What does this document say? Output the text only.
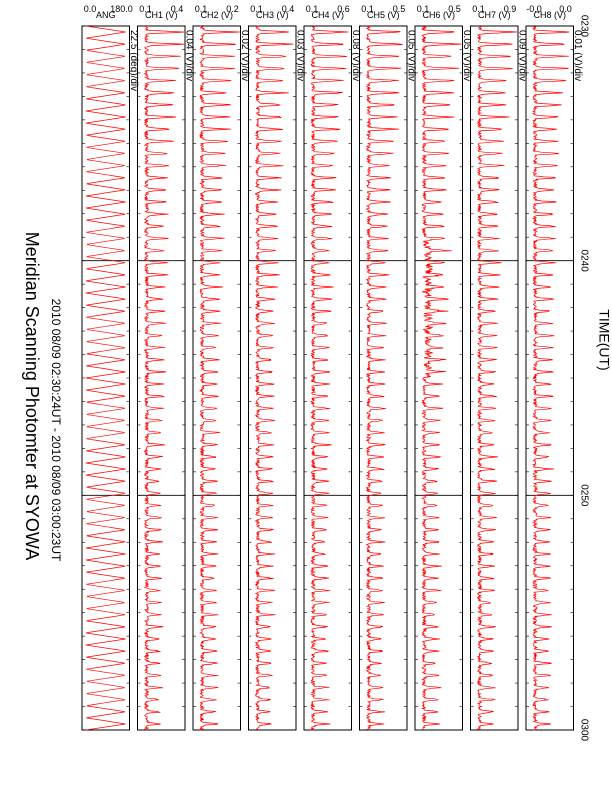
Meridian Scanning Photomter at SYOWA 2010 08/09 02:30:24UT - 2010 08/09 03:00:23UT	TIME(UT)
22.5 (deg)/div
ANG
180.0
0.0
0.04 (V)/div
CH1 (V)
0.4
0.1
0.02 (V)/div
CH2 (V)
0.2
0.1
0.03 (V)/div
CH3 (V)
0.4
0.1
0.08 (V)/div
CH4 (V)
0.6
0.1
0.05 (V)/div
CH5 (V)
0.5
0.1
0.05 (V)/div
CH6 (V)
0.5
0.1
0.09 (V)/div
CH7 (V)
0.9
0.1
0.01 (V)/div
CH8 (V)
0.0
-0.0
0230
0240
0250
0300
